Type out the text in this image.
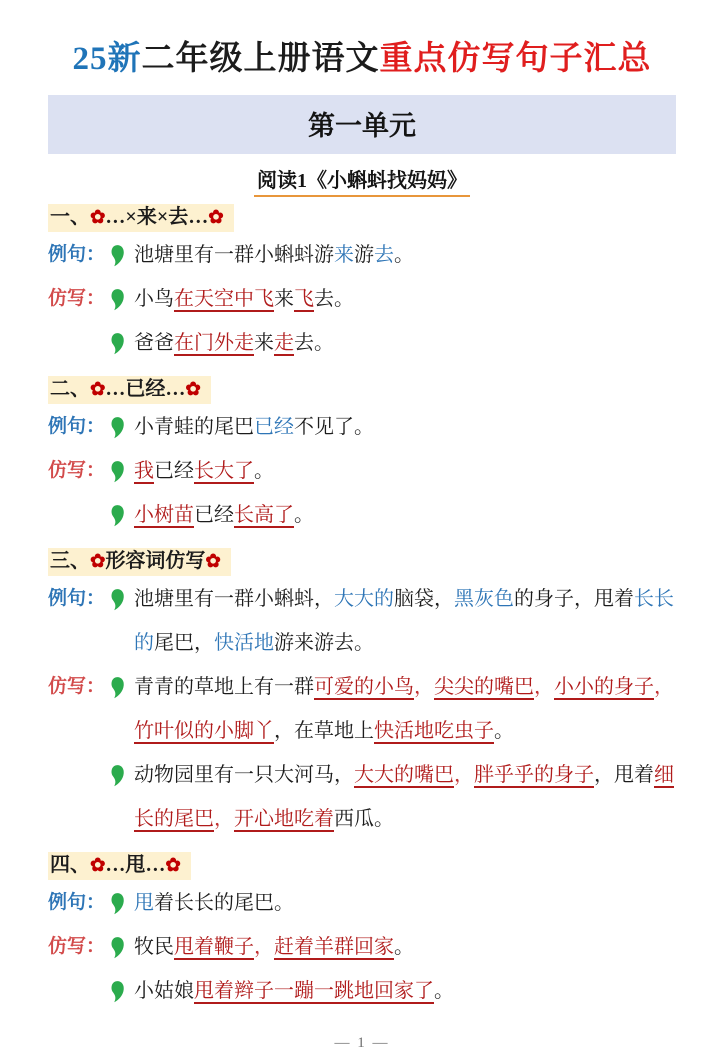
25新二年级上册语文重点仿写句子汇总
第一单元
阅读1《小蝌蚪找妈妈》
一、✿…×来×去…✿
例句： 池塘里有一群小蝌蚪游来游去。
仿写： 小鸟在天空中飞来飞去。
爸爸在门外走来走去。
二、✿…已经…✿
例句： 小青蛙的尾巴已经不见了。
仿写： 我已经长大了。
小树苗已经长高了。
三、✿形容词仿写✿
例句： 池塘里有一群小蝌蚪，大大的脑袋，黑灰色的身子，甩着长长的尾巴，快活地游来游去。
仿写： 青青的草地上有一群可爱的小鸟，尖尖的嘴巴，小小的身子，竹叶似的小脚丫，在草地上快活地吃虫子。
动物园里有一只大河马，大大的嘴巴，胖乎乎的身子，甩着细长的尾巴，开心地吃着西瓜。
四、✿…甩…✿
例句： 甩着长长的尾巴。
仿写： 牧民甩着鞭子，赶着羊群回家。
小姑娘甩着辫子一蹦一跳地回家了。
— 1 —
